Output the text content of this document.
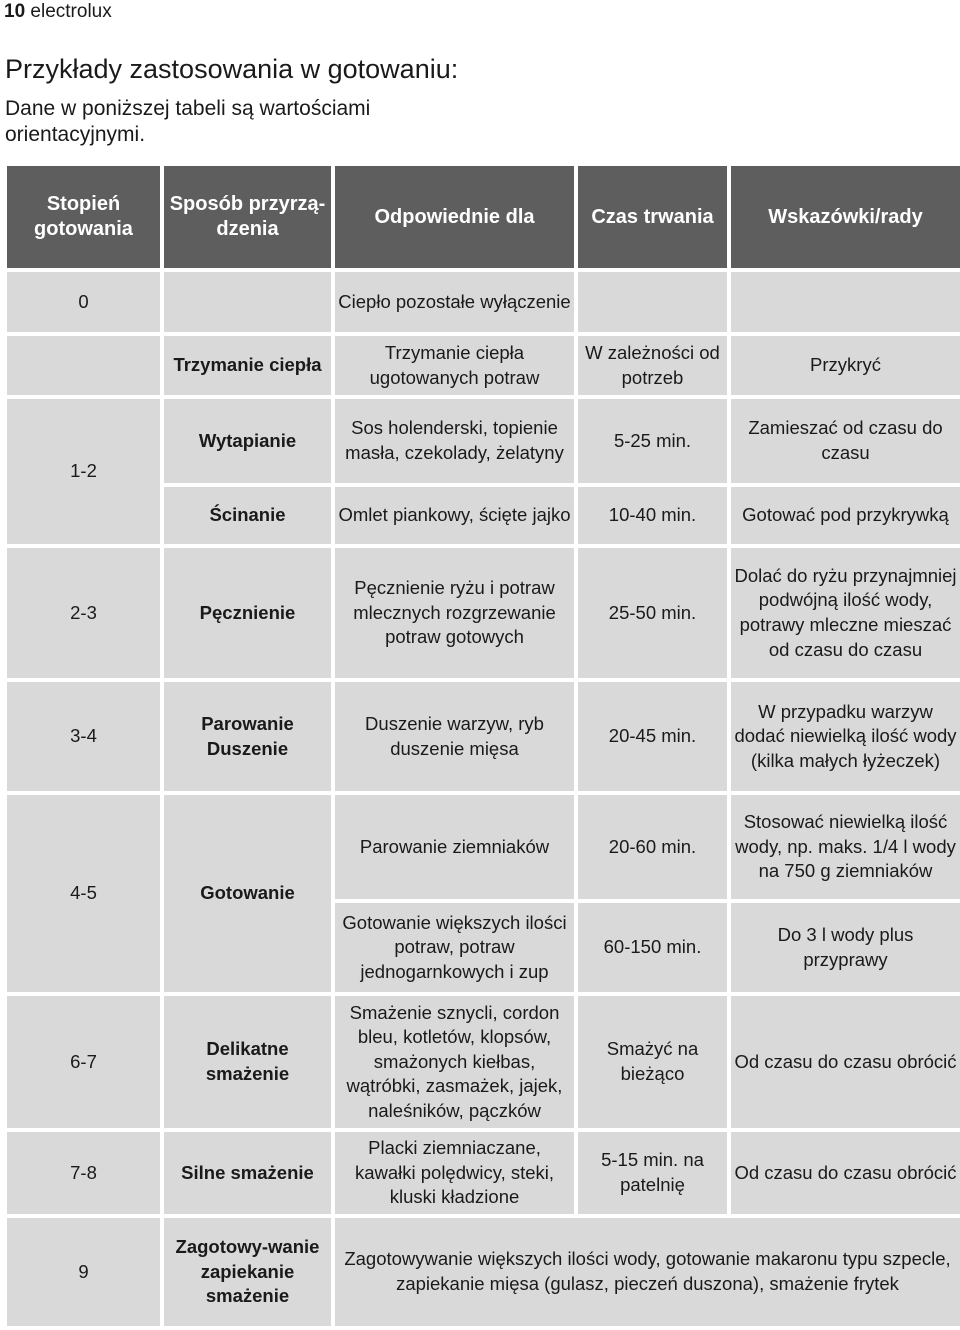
10 electrolux
Przykłady zastosowania w gotowaniu:

Dane w poniższej tabeli są wartościami orientacyjnymi.

Stopień gotowania	Sposób przyrzą-dzenia	Odpowiednie dla	Czas trwania	Wskazówki/rady
0		Ciepło pozostałe wyłączenie		
	Trzymanie ciepła	Trzymanie ciepła ugotowanych potraw	W zależności od potrzeb	Przykryć
1-2	Wytapianie	Sos holenderski, topienie masła, czekolady, żelatyny	5-25 min.	Zamieszać od czasu do czasu
	Ścinanie	Omlet piankowy, ścięte jajko	10-40 min.	Gotować pod przykrywką
2-3	Pęcznienie	Pęcznienie ryżu i potraw mlecznych rozgrzewanie potraw gotowych	25-50 min.	Dolać do ryżu przynajmniej podwójną ilość wody, potrawy mleczne mieszać od czasu do czasu
3-4	Parowanie Duszenie	Duszenie warzyw, ryb duszenie mięsa	20-45 min.	W przypadku warzyw dodać niewielką ilość wody (kilka małych łyżeczek)
4-5	Gotowanie	Parowanie ziemniaków	20-60 min.	Stosować niewielką ilość wody, np. maks. 1/4 l wody na 750 g ziemniaków
		Gotowanie większych ilości potraw, potraw jednogarnkowych i zup	60-150 min.	Do 3 l wody plus przyprawy
6-7	Delikatne smażenie	Smażenie sznycli, cordon bleu, kotletów, klopsów, smażonych kiełbas, wątróbki, zasmażek, jajek, naleśników, pączków	Smażyć na bieżąco	Od czasu do czasu obrócić
7-8	Silne smażenie	Placki ziemniaczane, kawałki polędwicy, steki, kluski kładzione	5-15 min. na patelnię	Od czasu do czasu obrócić
9	Zagotowy-wanie zapiekanie smażenie	Zagotowywanie większych ilości wody, gotowanie makaronu typu szpecle, zapiekanie mięsa (gulasz, pieczeń duszona), smażenie frytek		
